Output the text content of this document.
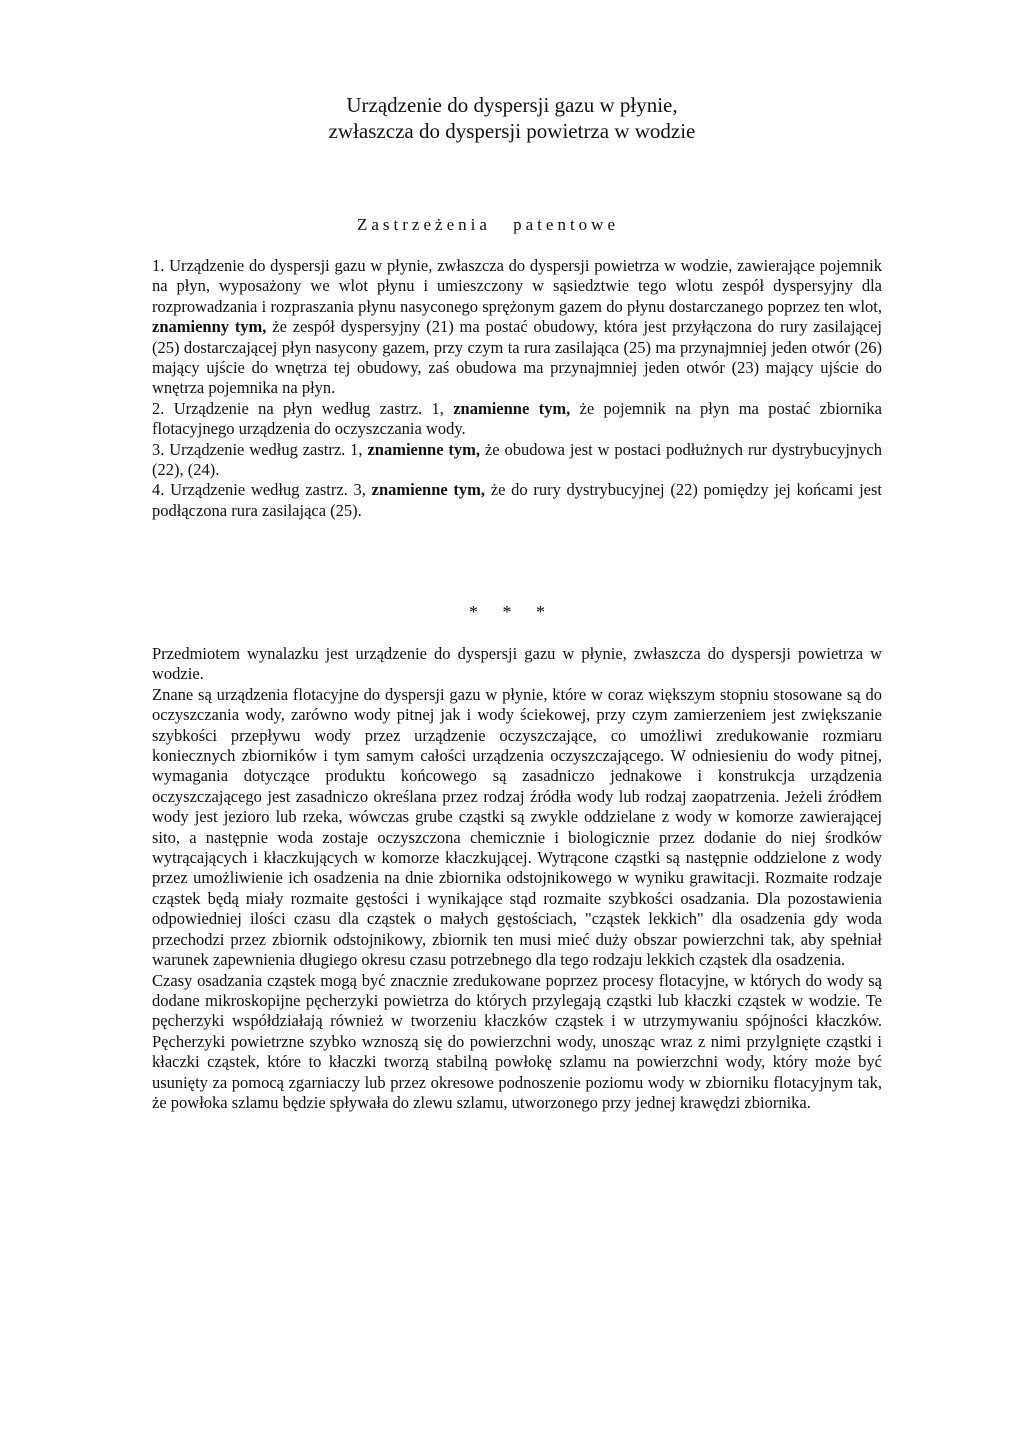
Urządzenie do dyspersji gazu w płynie,
zwłaszcza do dyspersji powietrza w wodzie
Zastrzeżenia patentowe

1. Urządzenie do dyspersji gazu w płynie, zwłaszcza do dyspersji powietrza w wodzie, zawierające pojemnik na płyn, wyposażony we wlot płynu i umieszczony w sąsiedztwie tego wlotu zespół dyspersyjny dla rozprowadzania i rozpraszania płynu nasyconego sprężonym gazem do płynu dostarczanego poprzez ten wlot, znamienny tym, że zespół dyspersyjny (21) ma postać obudowy, która jest przyłączona do rury zasilającej (25) dostarczającej płyn nasycony gazem, przy czym ta rura zasilająca (25) ma przynajmniej jeden otwór (26) mający ujście do wnętrza tej obudowy, zaś obudowa ma przynajmniej jeden otwór (23) mający ujście do wnętrza pojemnika na płyn.

2. Urządzenie na płyn według zastrz. 1, znamienne tym, że pojemnik na płyn ma postać zbiornika flotacyjnego urządzenia do oczyszczania wody.

3. Urządzenie według zastrz. 1, znamienne tym, że obudowa jest w postaci podłużnych rur dystrybucyjnych (22), (24).

4. Urządzenie według zastrz. 3, znamienne tym, że do rury dystrybucyjnej (22) pomiędzy jej końcami jest podłączona rura zasilająca (25).

* * *

Przedmiotem wynalazku jest urządzenie do dyspersji gazu w płynie, zwłaszcza do dyspersji powietrza w wodzie.

Znane są urządzenia flotacyjne do dyspersji gazu w płynie, które w coraz większym stopniu stosowane są do oczyszczania wody, zarówno wody pitnej jak i wody ściekowej, przy czym zamierzeniem jest zwiększanie szybkości przepływu wody przez urządzenie oczyszczające, co umożliwi zredukowanie rozmiaru koniecznych zbiorników i tym samym całości urządzenia oczyszczającego. W odniesieniu do wody pitnej, wymagania dotyczące produktu końcowego są zasadniczo jednakowe i konstrukcja urządzenia oczyszczającego jest zasadniczo określana przez rodzaj źródła wody lub rodzaj zaopatrzenia. Jeżeli źródłem wody jest jezioro lub rzeka, wówczas grube cząstki są zwykle oddzielane z wody w komorze zawierającej sito, a następnie woda zostaje oczyszczona chemicznie i biologicznie przez dodanie do niej środków wytrącających i kłaczkujących w komorze kłaczkującej. Wytrącone cząstki są następnie oddzielone z wody przez umożliwienie ich osadzenia na dnie zbiornika odstojnikowego w wyniku grawitacji. Rozmaite rodzaje cząstek będą miały rozmaite gęstości i wynikające stąd rozmaite szybkości osadzania. Dla pozostawienia odpowiedniej ilości czasu dla cząstek o małych gęstościach, "cząstek lekkich" dla osadzenia gdy woda przechodzi przez zbiornik odstojnikowy, zbiornik ten musi mieć duży obszar powierzchni tak, aby spełniał warunek zapewnienia długiego okresu czasu potrzebnego dla tego rodzaju lekkich cząstek dla osadzenia.

Czasy osadzania cząstek mogą być znacznie zredukowane poprzez procesy flotacyjne, w których do wody są dodane mikroskopijne pęcherzyki powietrza do których przylegają cząstki lub kłaczki cząstek w wodzie. Te pęcherzyki współdziałają również w tworzeniu kłaczków cząstek i w utrzymywaniu spójności kłaczków. Pęcherzyki powietrzne szybko wznoszą się do powierzchni wody, unosząc wraz z nimi przylgnięte cząstki i kłaczki cząstek, które to kłaczki tworzą stabilną powłokę szlamu na powierzchni wody, który może być usunięty za pomocą zgarniaczy lub przez okresowe podnoszenie poziomu wody w zbiorniku flotacyjnym tak, że powłoka szlamu będzie spływała do zlewu szlamu, utworzonego przy jednej krawędzi zbiornika.
